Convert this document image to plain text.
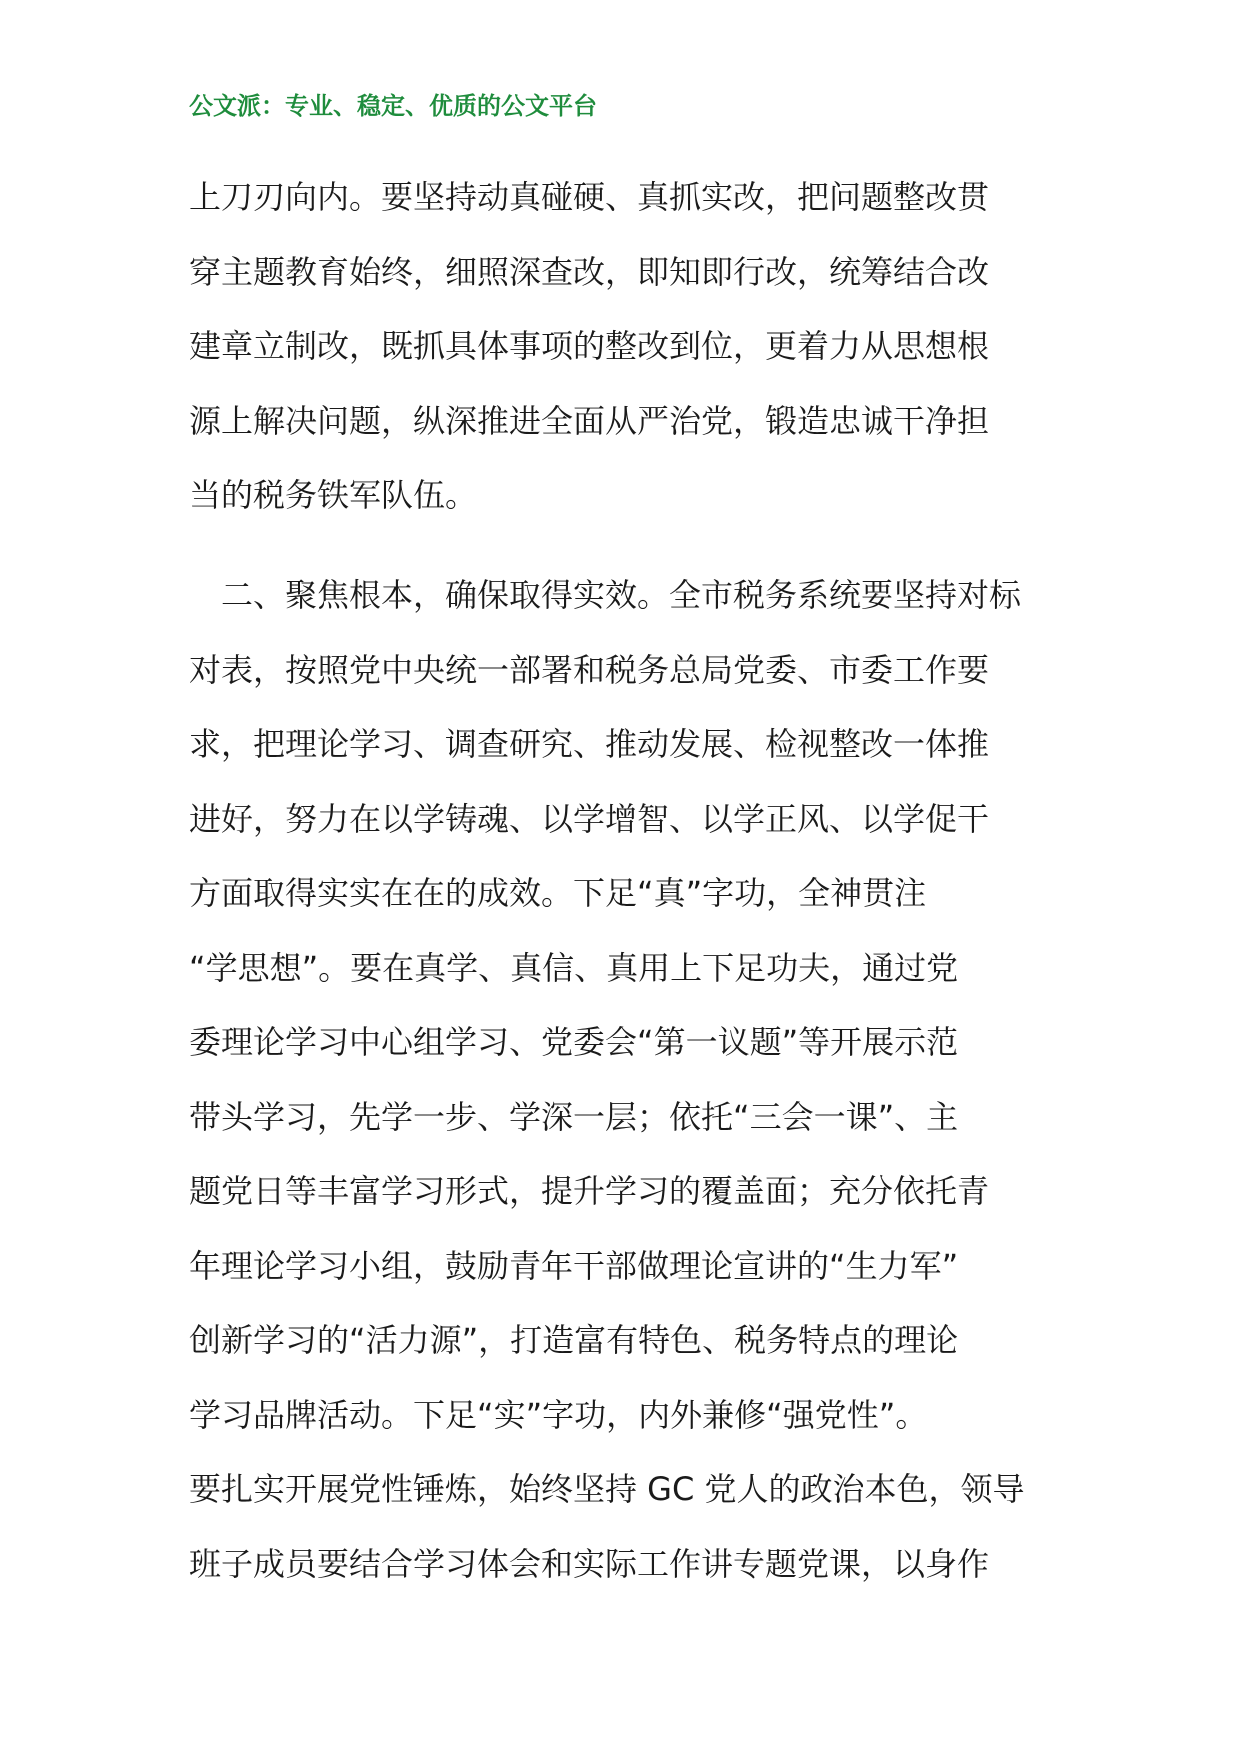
公文派：专业、稳定、优质的公文平台
上刀刃向内。要坚持动真碰硬、真抓实改，把问题整改贯
穿主题教育始终，细照深查改，即知即行改，统筹结合改
建章立制改，既抓具体事项的整改到位，更着力从思想根
源上解决问题，纵深推进全面从严治党，锻造忠诚干净担
当的税务铁军队伍。
　二、聚焦根本，确保取得实效。全市税务系统要坚持对标
对表，按照党中央统一部署和税务总局党委、市委工作要
求，把理论学习、调查研究、推动发展、检视整改一体推
进好，努力在以学铸魂、以学增智、以学正风、以学促干
方面取得实实在在的成效。下足“真”字功，全神贯注
“学思想”。要在真学、真信、真用上下足功夫，通过党
委理论学习中心组学习、党委会“第一议题”等开展示范
带头学习，先学一步、学深一层；依托“三会一课”、主
题党日等丰富学习形式，提升学习的覆盖面；充分依托青
年理论学习小组，鼓励青年干部做理论宣讲的“生力军”
创新学习的“活力源”，打造富有特色、税务特点的理论
学习品牌活动。下足“实”字功，内外兼修“强党性”。
要扎实开展党性锤炼，始终坚持 GC 党人的政治本色，领导
班子成员要结合学习体会和实际工作讲专题党课，以身作
